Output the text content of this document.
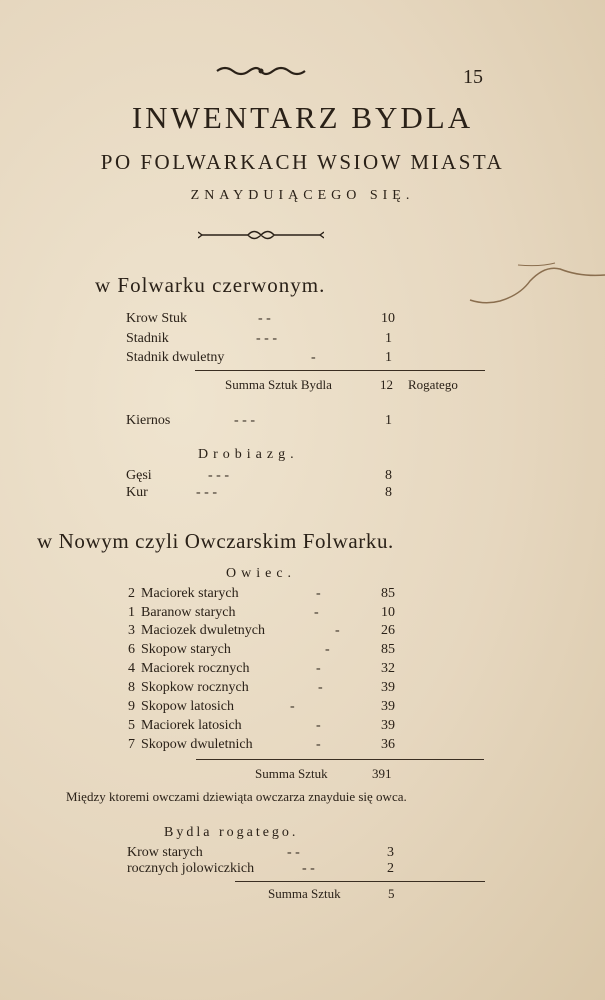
15
INWENTARZ BYDLA
PO FOLWARKACH WSIOW MIASTA
ZNAYDUIĄCEGO SIĘ.
w Folwarku czerwonym.
Krow Stuk	- -	10
Stadnik	- - -	1
Stadnik dwuletny	-	1
Summa Sztuk Bydla	12 Rogatego
Kiernos	- - -	1
Drobiazg.
Gęsi	- - -	8
Kur	- - -	8
w Nowym czyli Owczarskim Folwarku.
Owiec.
2 Maciorek starych	-	85
1 Baranow starych	-	10
3 Maciozek dwuletnych	-	26
6 Skopow starych	-	85
4 Maciorek rocznych	-	32
8 Skopkow rocznych	-	39
9 Skopow latosich	-	39
5 Maciorek latosich	-	39
7 Skopow dwuletnich	-	36
Summa Sztuk	391
Między ktoremi owczami dziewiąta owczarza znayduie się owca.
Bydla rogatego.
Krow starych	- -	3
rocznych jolowiczkich	- -	2
Summa Sztuk	5
